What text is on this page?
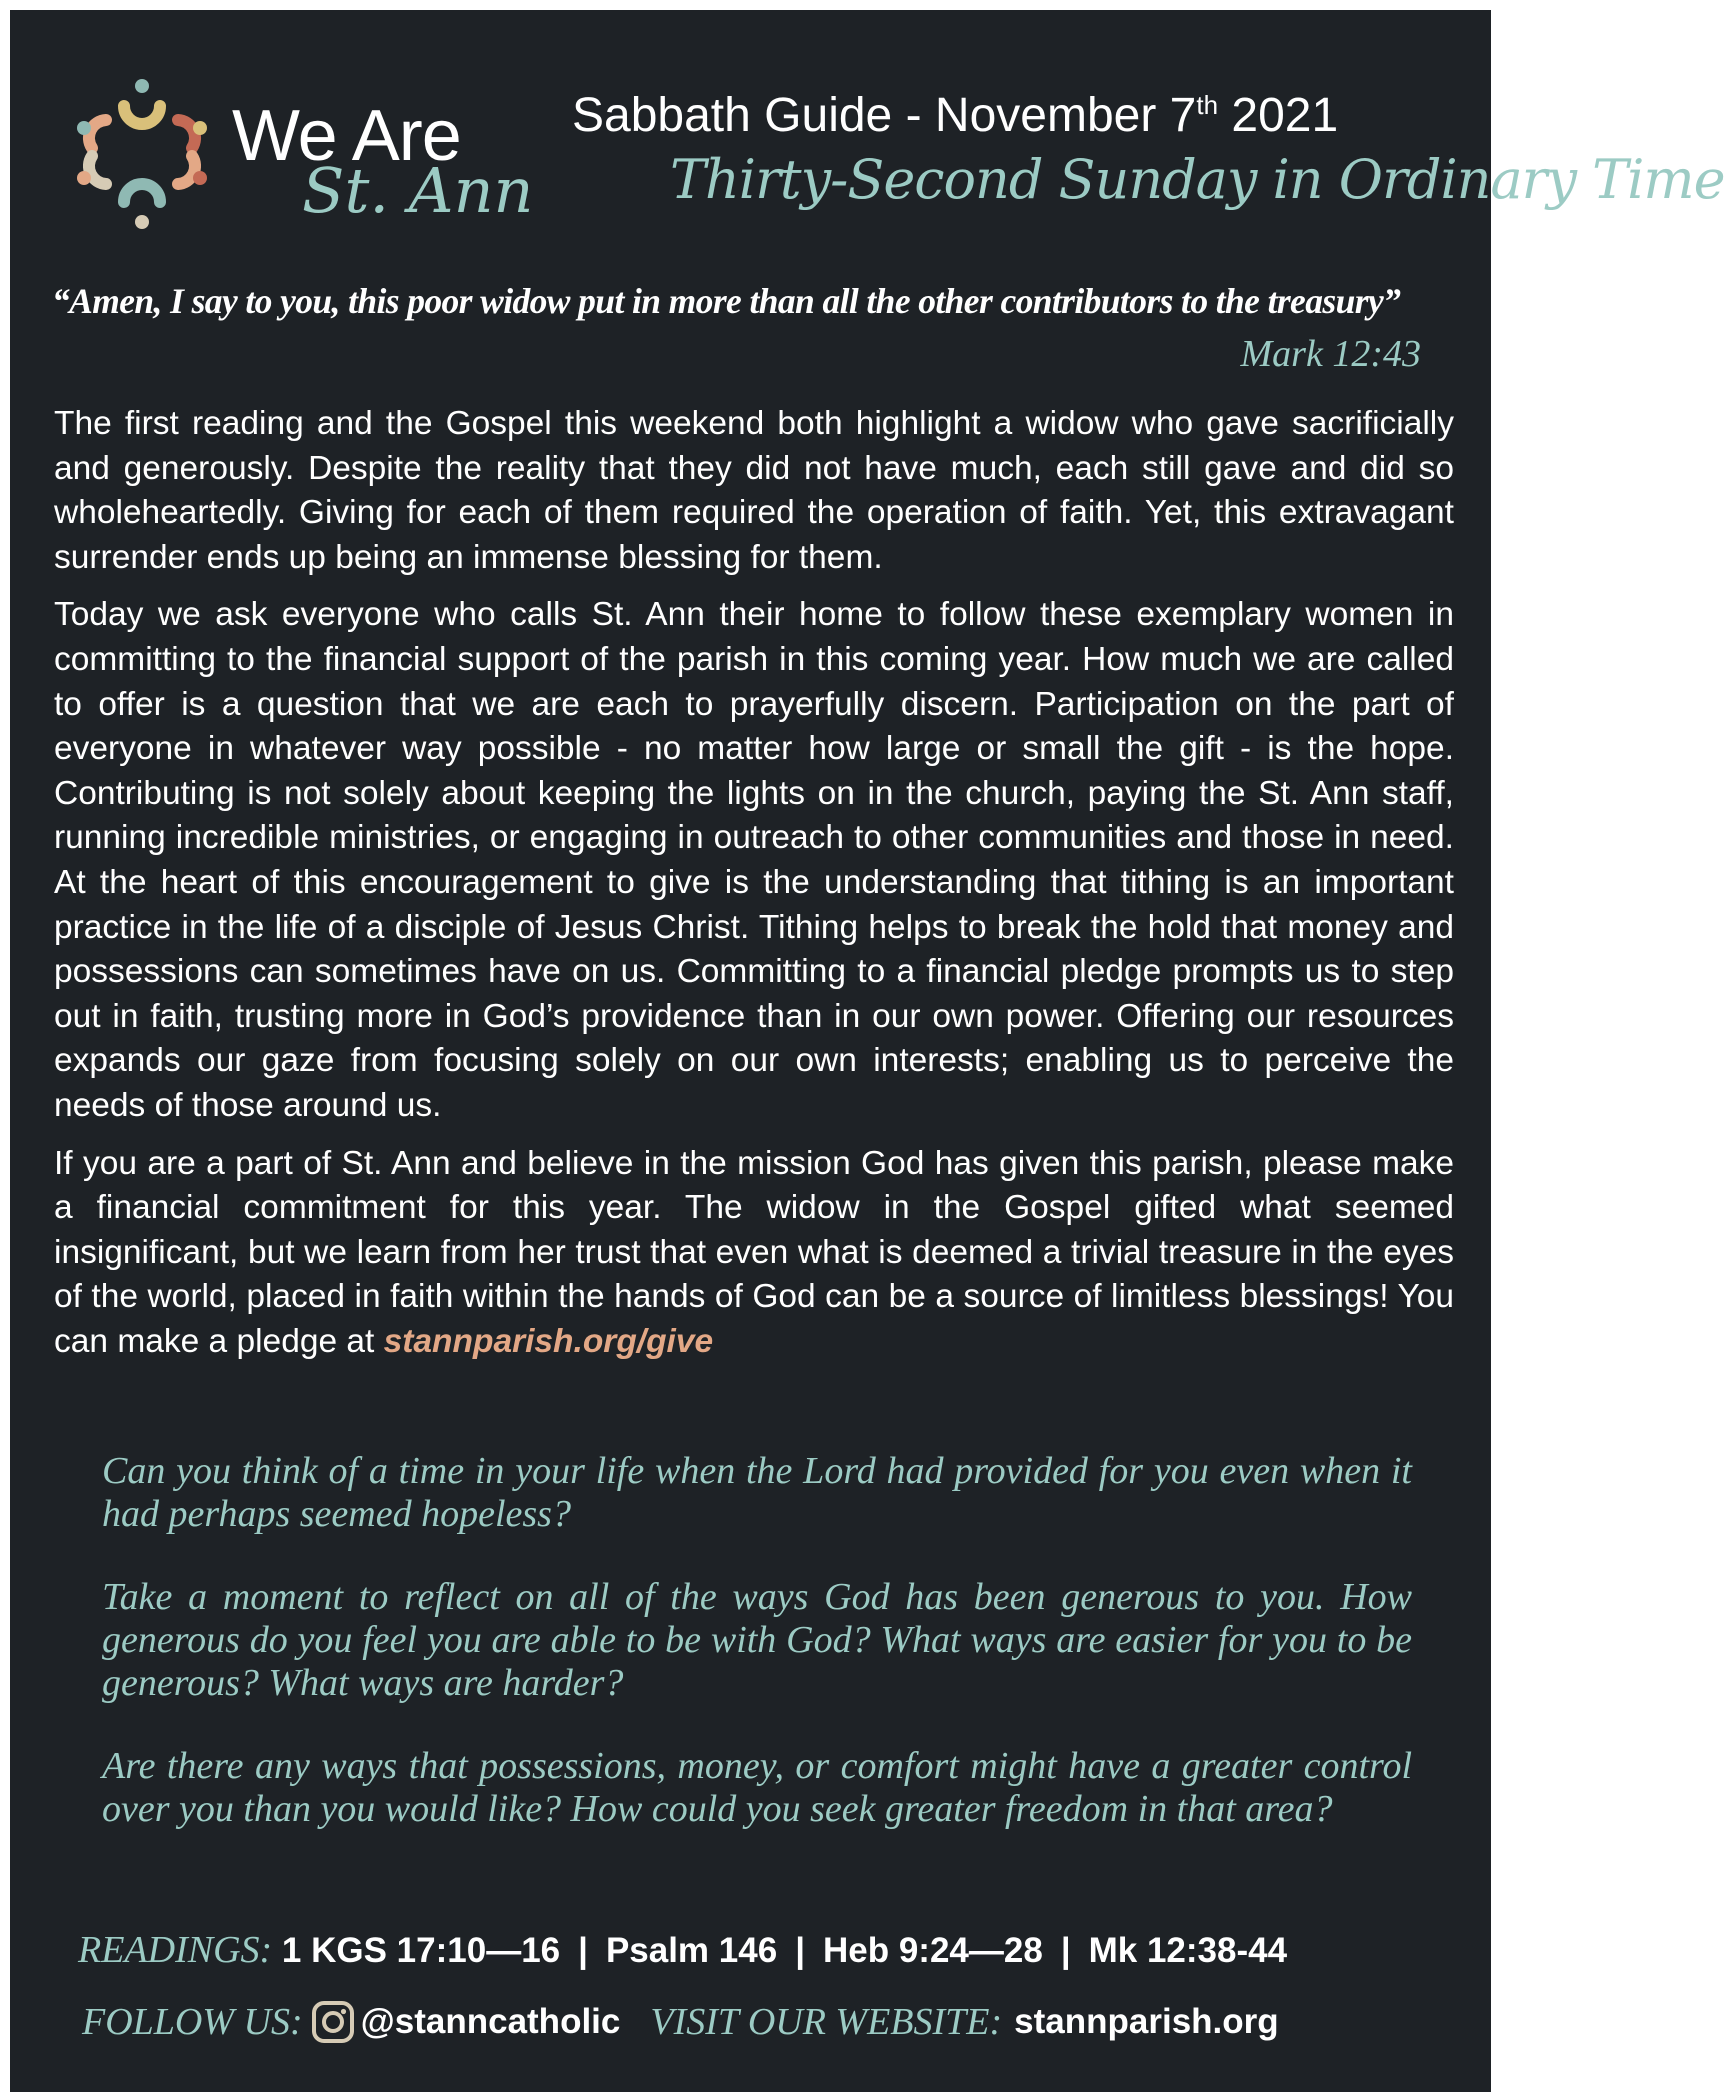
We Are
St. Ann
Sabbath Guide - November 7th 2021
Thirty-Second Sunday in Ordinary Time
“Amen, I say to you, this poor widow put in more than all the other contributors to the treasury”
Mark 12:43

The first reading and the Gospel this weekend both highlight a widow who gave sacrificially and generously. Despite the reality that they did not have much, each still gave and did so wholeheartedly. Giving for each of them required the operation of faith. Yet, this extravagant surrender ends up being an immense blessing for them.

Today we ask everyone who calls St. Ann their home to follow these exemplary women in committing to the financial support of the parish in this coming year. How much we are called to offer is a question that we are each to prayerfully discern. Participation on the part of everyone in whatever way possible - no matter how large or small the gift - is the hope. Contributing is not solely about keeping the lights on in the church, paying the St. Ann staff, running incredible ministries, or engaging in outreach to other communities and those in need. At the heart of this encouragement to give is the understanding that tithing is an important practice in the life of a disciple of Jesus Christ. Tithing helps to break the hold that money and possessions can sometimes have on us. Committing to a financial pledge prompts us to step out in faith, trusting more in God’s providence than in our own power. Offering our resources expands our gaze from focusing solely on our own interests; enabling us to perceive the needs of those around us.

If you are a part of St. Ann and believe in the mission God has given this parish, please make a financial commitment for this year. The widow in the Gospel gifted what seemed insignificant, but we learn from her trust that even what is deemed a trivial treasure in the eyes of the world, placed in faith within the hands of God can be a source of limitless blessings! You can make a pledge at stannparish.org/give

Can you think of a time in your life when the Lord had provided for you even when it had perhaps seemed hopeless?

Take a moment to reflect on all of the ways God has been generous to you. How generous do you feel you are able to be with God? What ways are easier for you to be generous? What ways are harder?

Are there any ways that possessions, money, or comfort might have a greater control over you than you would like? How could you seek greater freedom in that area?

READINGS: 1 KGS 17:10—16 | Psalm 146 | Heb 9:24—28 | Mk 12:38-44
FOLLOW US: @stanncatholic VISIT OUR WEBSITE: stannparish.org
